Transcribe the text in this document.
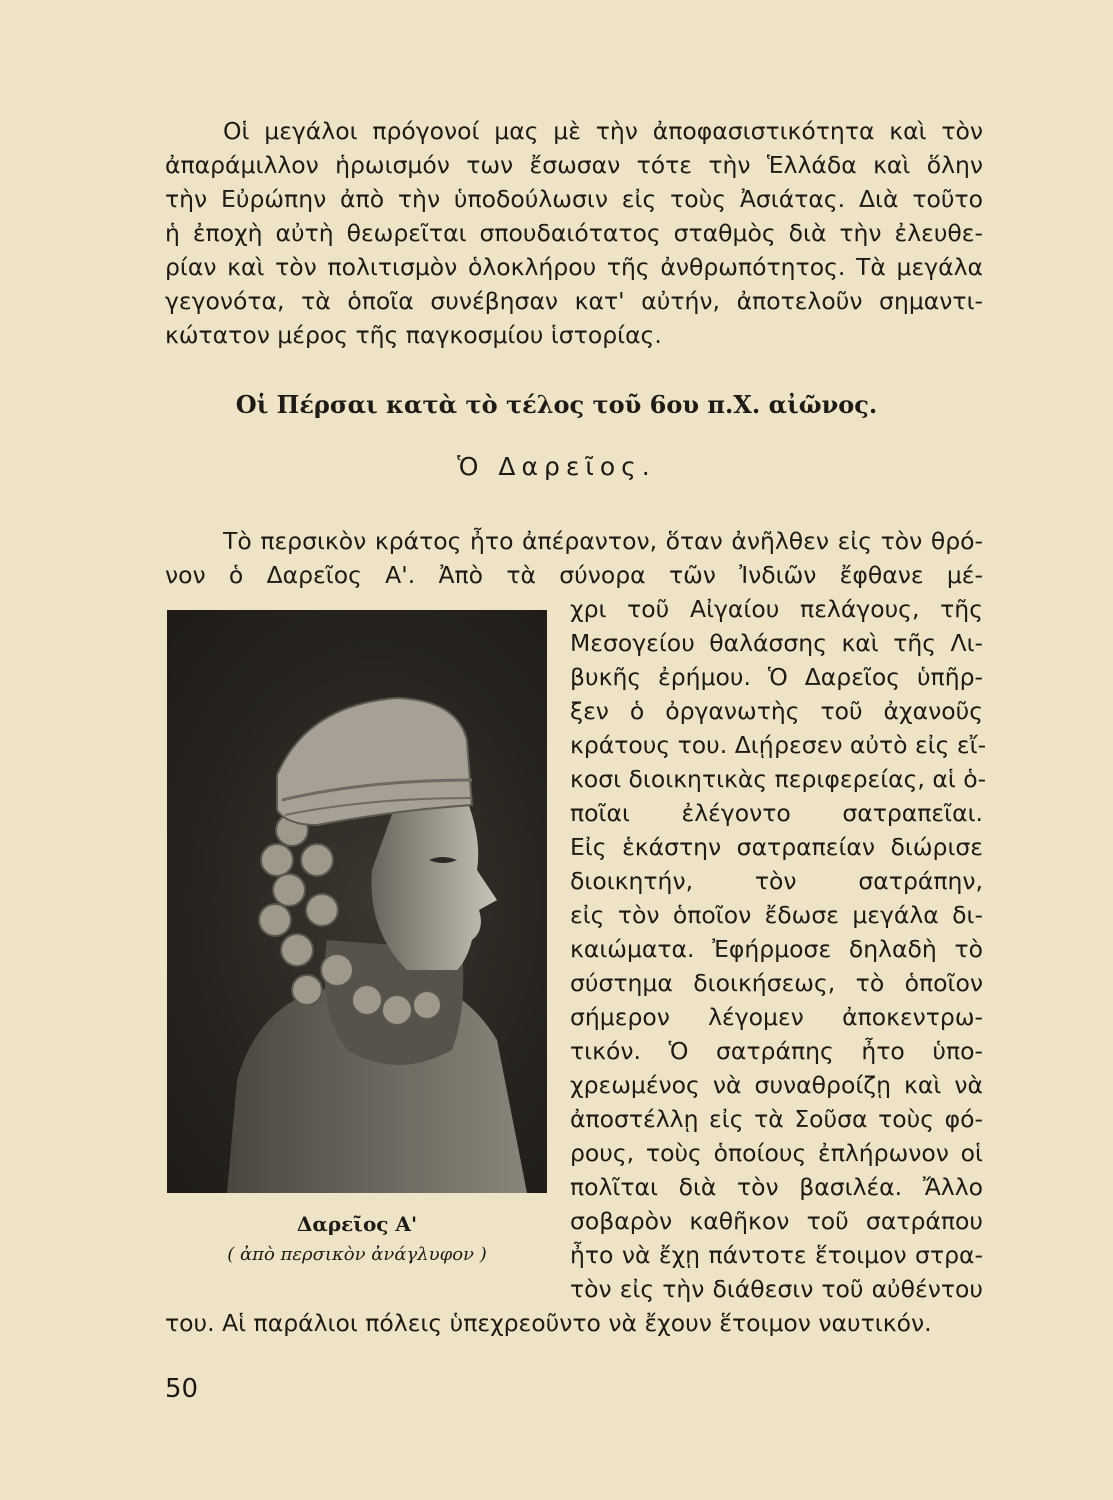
Οἱ μεγάλοι πρόγονοί μας μὲ τὴν ἀποφασιστικότητα καὶ τὸν
ἀπαράμιλλον ἡρωισμόν των ἔσωσαν τότε τὴν Ἑλλάδα καὶ ὅλην
τὴν Εὐρώπην ἀπὸ τὴν ὑποδούλωσιν εἰς τοὺς Ἀσιάτας. Διὰ τοῦτο
ἡ ἐποχὴ αὐτὴ θεωρεῖται σπουδαιότατος σταθμὸς διὰ τὴν ἐλευθε-
ρίαν καὶ τὸν πολιτισμὸν ὁλοκλήρου τῆς ἀνθρωπότητος. Τὰ μεγάλα
γεγονότα, τὰ ὁποῖα συνέβησαν κατ' αὐτήν, ἀποτελοῦν σημαντι-
κώτατον μέρος τῆς παγκοσμίου ἱστορίας.
Οἱ Πέρσαι κατὰ τὸ τέλος τοῦ 6ου π.Χ. αἰῶνος.
Ὁ Δαρεῖος.
Τὸ περσικὸν κράτος ἦτο ἀπέραντον, ὅταν ἀνῆλθεν εἰς τὸν θρό-
νον ὁ Δαρεῖος Α'. Ἀπὸ τὰ σύνορα τῶν Ἰνδιῶν ἔφθανε μέ-
χρι τοῦ Αἰγαίου πελάγους, τῆς
Μεσογείου θαλάσσης καὶ τῆς Λι-
βυκῆς ἐρήμου. Ὁ Δαρεῖος ὑπῆρ-
ξεν ὁ ὀργανωτὴς τοῦ ἀχανοῦς
κράτους του. Διῄρεσεν αὐτὸ εἰς εἴ-
κοσι διοικητικὰς περιφερείας, αἱ ὁ-
ποῖαι ἐλέγοντο σατραπεῖαι.
Εἰς ἑκάστην σατραπείαν διώρισε
διοικητήν, τὸν σατράπην,
εἰς τὸν ὁποῖον ἔδωσε μεγάλα δι-
καιώματα. Ἐφήρμοσε δηλαδὴ τὸ
σύστημα διοικήσεως, τὸ ὁποῖον
σήμερον λέγομεν ἀποκεντρω-
τικόν. Ὁ σατράπης ἦτο ὑπο-
χρεωμένος νὰ συναθροίζῃ καὶ νὰ
ἀποστέλλῃ εἰς τὰ Σοῦσα τοὺς φό-
ρους, τοὺς ὁποίους ἐπλήρωνον οἱ
πολῖται διὰ τὸν βασιλέα. Ἄλλο
σοβαρὸν καθῆκον τοῦ σατράπου
ἦτο νὰ ἔχῃ πάντοτε ἕτοιμον στρα-
τὸν εἰς τὴν διάθεσιν τοῦ αὐθέντου
του. Αἱ παράλιοι πόλεις ὑπεχρεοῦντο νὰ ἔχουν ἕτοιμον ναυτικόν.
Δαρεῖος Α'
( ἀπὸ περσικὸν ἀνάγλυφον )
50
